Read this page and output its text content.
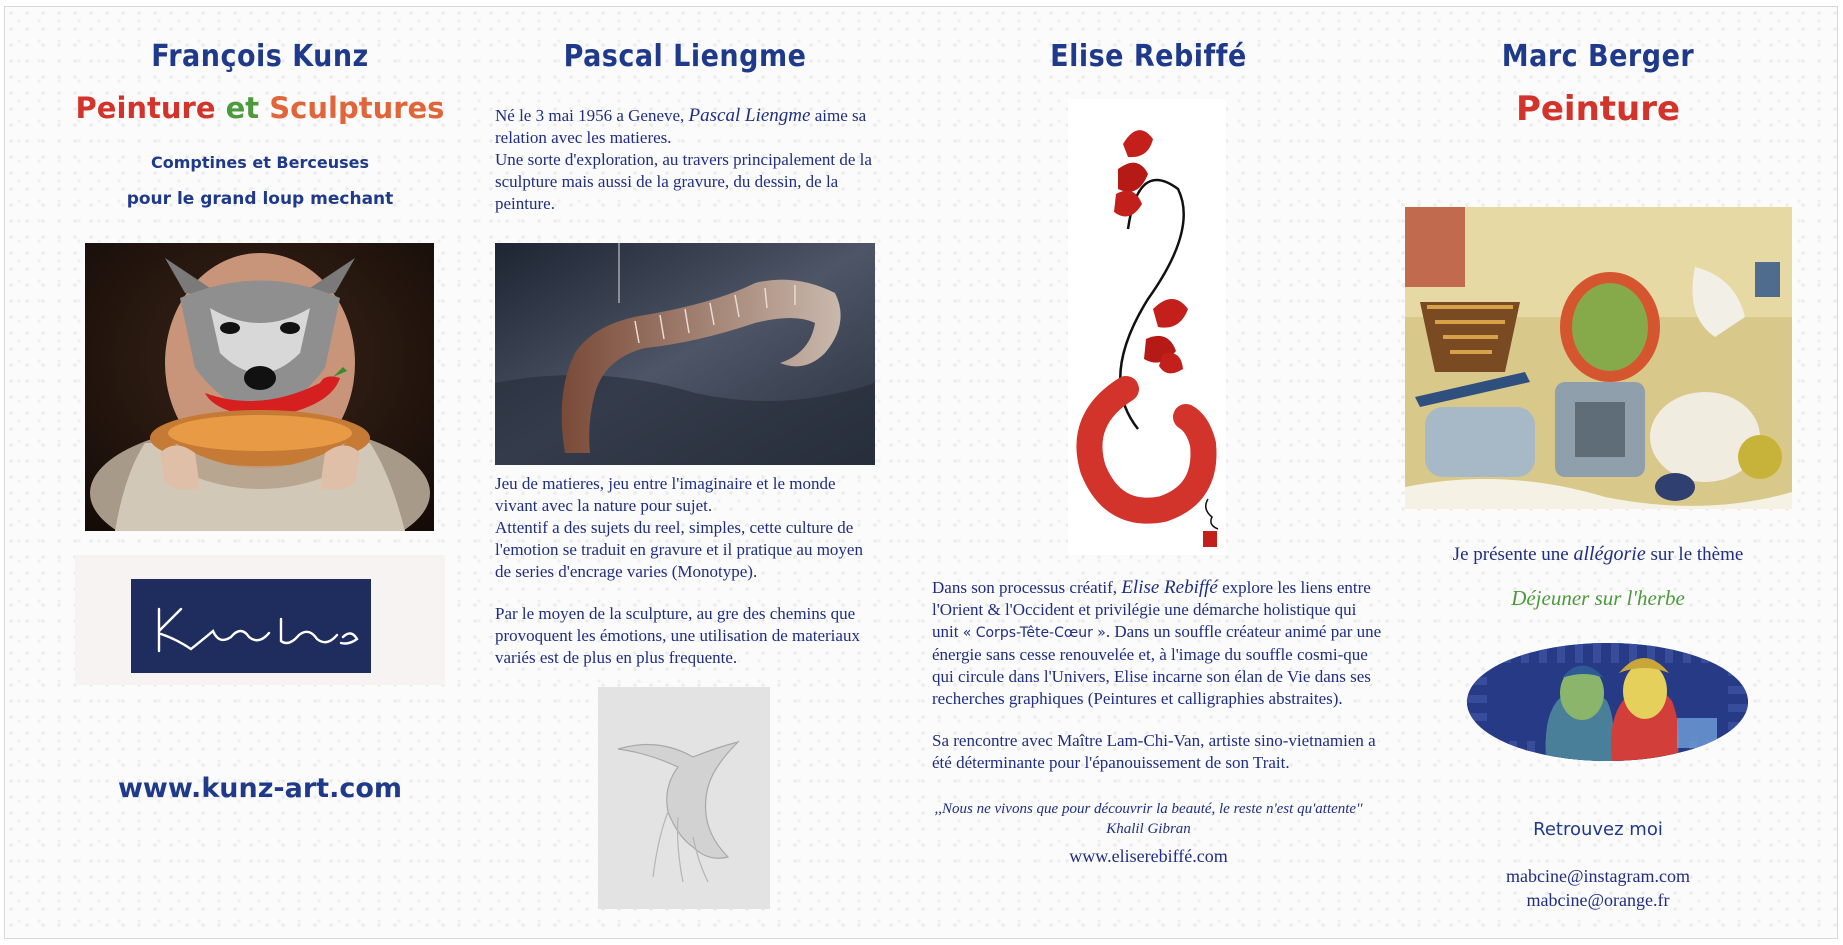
François Kunz
Peinture et Sculptures
Comptines et Berceuses
pour le grand loup mechant
www.kunz-art.com
Pascal Liengme

Né le 3 mai 1956 a Geneve, Pascal Liengme aime sa relation avec les matieres.

Une sorte d'exploration, au travers principalement de la sculpture mais aussi de la gravure, du dessin, de la peinture.

Jeu de matieres, jeu entre l'imaginaire et le monde vivant avec la nature pour sujet.

Attentif a des sujets du reel, simples, cette culture de l'emotion se traduit en gravure et il pratique au moyen de series d'encrage varies (Monotype).

Par le moyen de la sculpture, au gre des chemins que provoquent les émotions, une utilisation de materiaux variés est de plus en plus frequente.

Elise Rebiffé

Dans son processus créatif, Elise Rebiffé explore les liens entre l'Orient & l'Occident et privilégie une démarche holistique qui unit « Corps-Tête-Cœur ». Dans un souffle créateur animé par une énergie sans cesse renouvelée et, à l'image du souffle cosmi-que qui circule dans l'Univers, Elise incarne son élan de Vie dans ses recherches graphiques (Peintures et calligraphies abstraites).

Sa rencontre avec Maître Lam-Chi-Van, artiste sino-vietnamien a été déterminante pour l'épanouissement de son Trait.

,,Nous ne vivons que pour découvrir la beauté, le reste n'est qu'attente''
Khalil Gibran
www.eliserebiffé.com
Marc Berger
Peinture
Je présente une allégorie sur le thème
Déjeuner sur l'herbe
Retrouvez moi
mabcine@instagram.com
mabcine@orange.fr
